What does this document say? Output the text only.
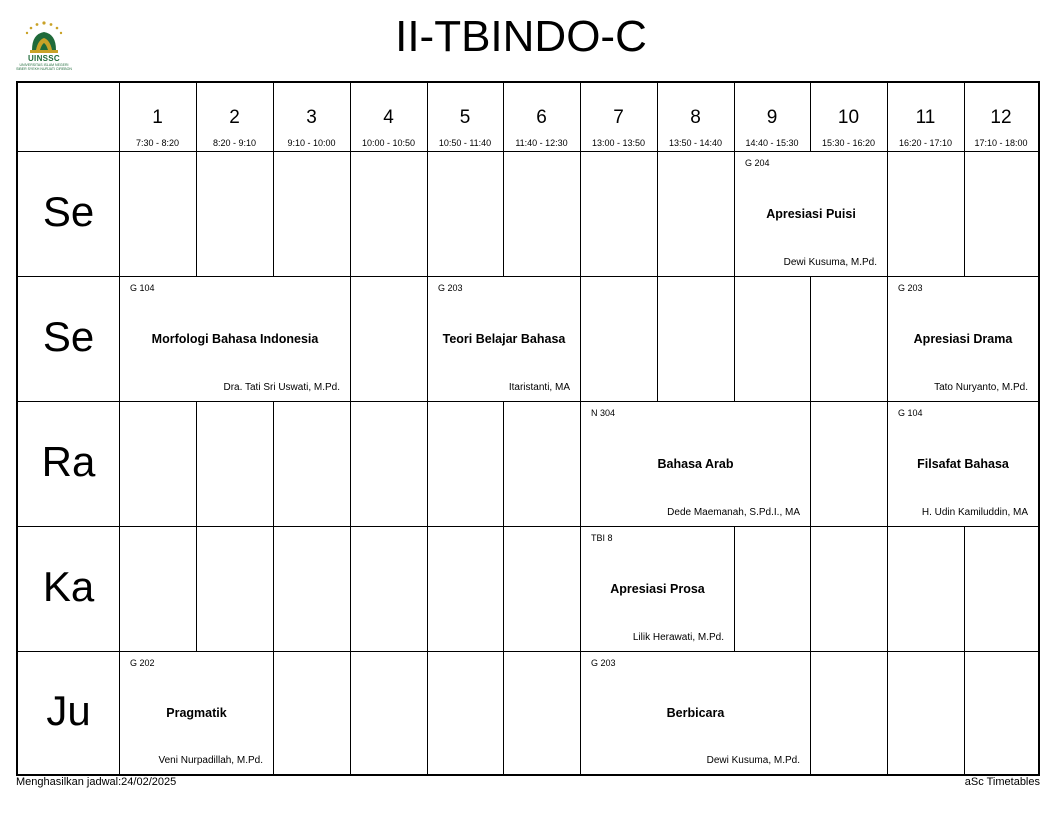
UINSSC
UNIVERSITAS ISLAM NEGERI SIBER SYEKH NURJATI CIREBON
II-TBINDO-C
1
7:30 - 8:20
2
8:20 - 9:10
3
9:10 - 10:00
4
10:00 - 10:50
5
10:50 - 11:40
6
11:40 - 12:30
7
13:00 - 13:50
8
13:50 - 14:40
9
14:40 - 15:30
10
15:30 - 16:20
11
16:20 - 17:10
12
17:10 - 18:00
Se
Se
Ra
Ka
Ju
G 204
Apresiasi Puisi
Dewi Kusuma, M.Pd.
G 104
Morfologi Bahasa Indonesia
Dra. Tati Sri Uswati, M.Pd.
G 203
Teori Belajar Bahasa
Itaristanti, MA
G 203
Apresiasi Drama
Tato Nuryanto, M.Pd.
N 304
Bahasa Arab
Dede Maemanah, S.Pd.I., MA
G 104
Filsafat Bahasa
H. Udin Kamiluddin, MA
TBI 8
Apresiasi Prosa
Lilik Herawati, M.Pd.
G 202
Pragmatik
Veni Nurpadillah, M.Pd.
G 203
Berbicara
Dewi Kusuma, M.Pd.
Menghasilkan jadwal:24/02/2025	aSc Timetables
